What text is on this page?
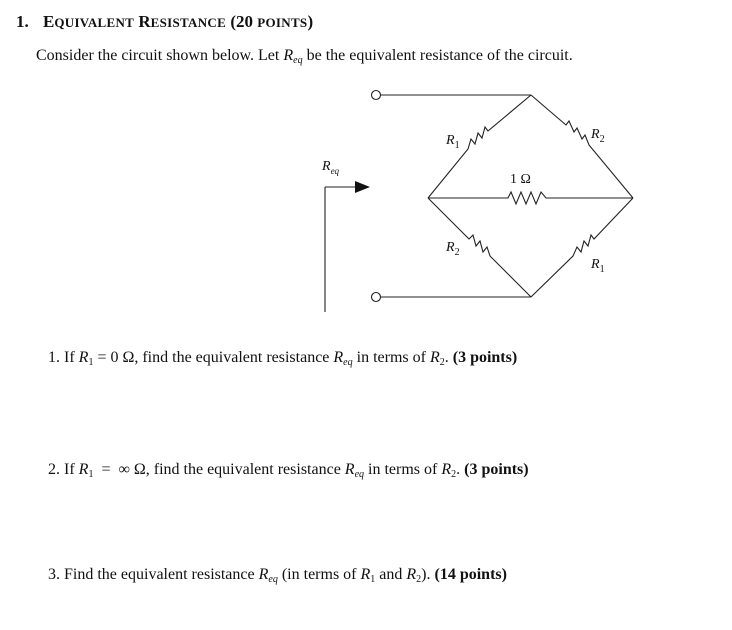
1. EQUIVALENT RESISTANCE (20 POINTS)
Consider the circuit shown below. Let $R_{eq}$ be the equivalent resistance of the circuit.
$R_{eq}$
$R_1$
$R_2$
1 Ω
$R_2$
$R_1$
1. If $R_1 = 0$ Ω, find the equivalent resistance $R_{eq}$ in terms of $R_2$. (3 points)
2. If $R_1$  =  ∞ Ω, find the equivalent resistance $R_{eq}$ in terms of $R_2$. (3 points)
3. Find the equivalent resistance $R_{eq}$ (in terms of $R_1$ and $R_2$). (14 points)
